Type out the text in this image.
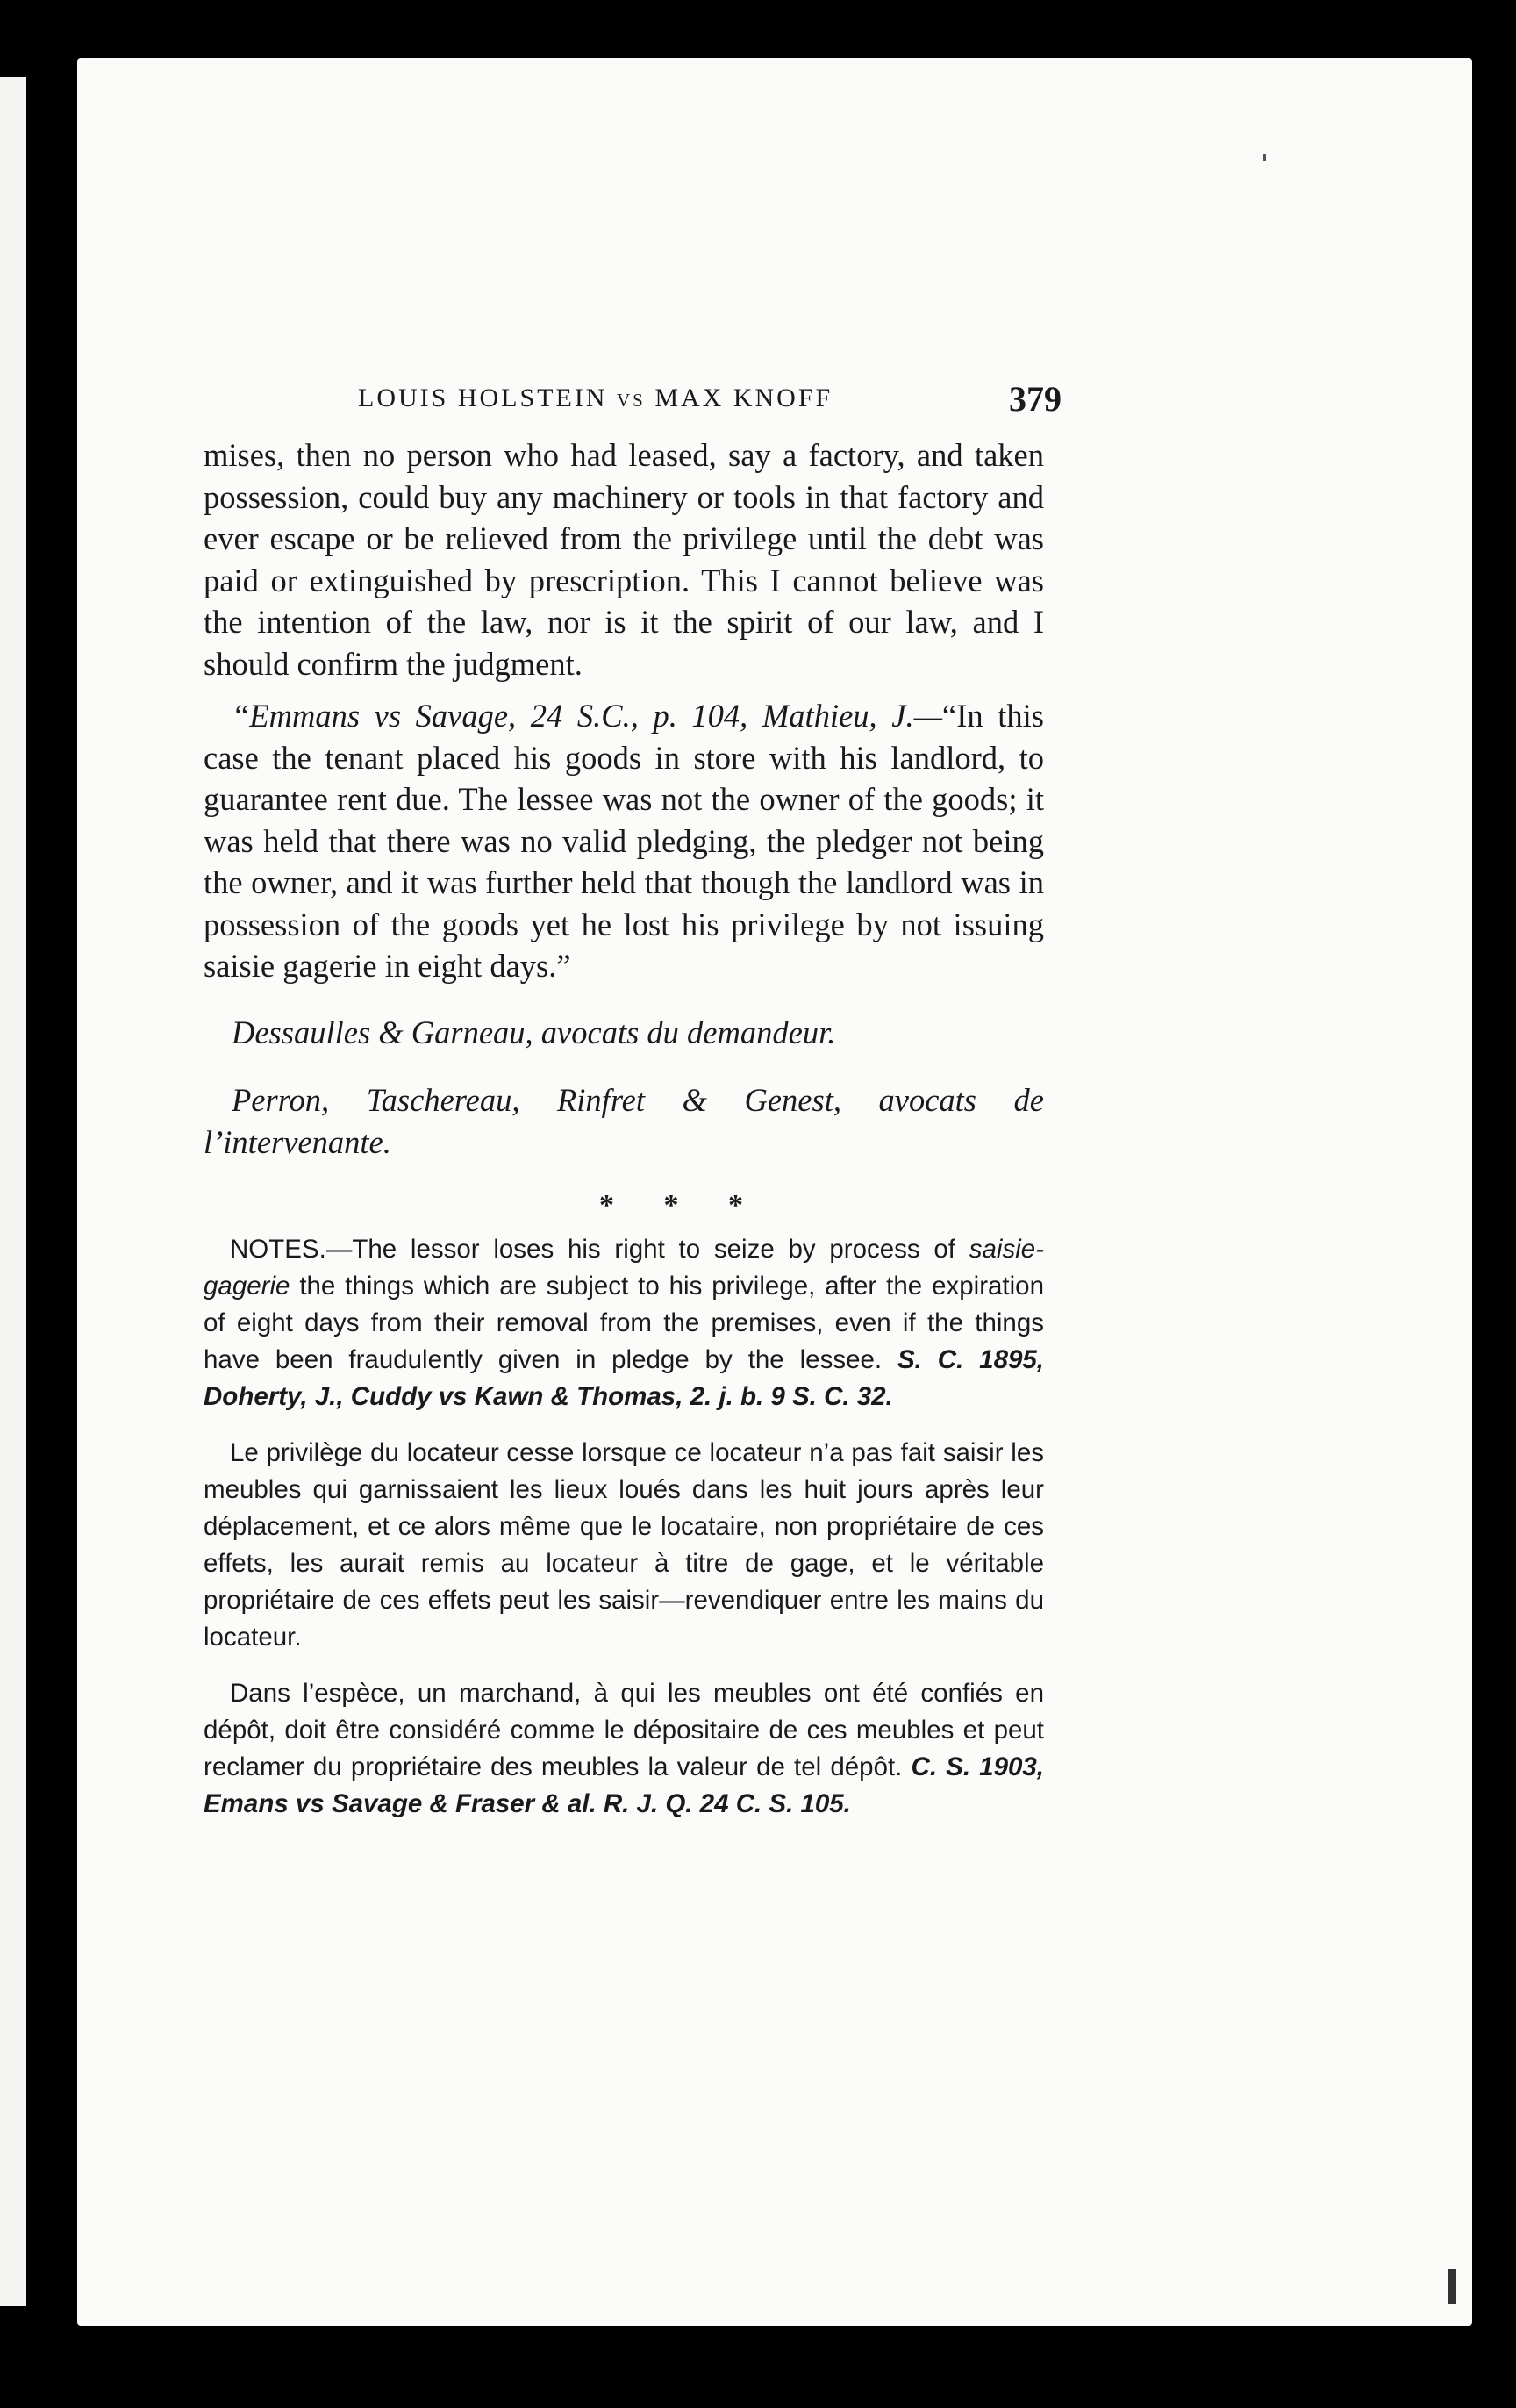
LOUIS HOLSTEIN vs MAX KNOFF	379

mises, then no person who had leased, say a factory, and taken possession, could buy any machinery or tools in that factory and ever escape or be relieved from the privilege until the debt was paid or extinguished by prescription. This I cannot believe was the intention of the law, nor is it the spirit of our law, and I should confirm the judgment.

“Emmans vs Savage, 24 S.C., p. 104, Mathieu, J.—“In this case the tenant placed his goods in store with his landlord, to guarantee rent due. The lessee was not the owner of the goods; it was held that there was no valid pledging, the pledger not being the owner, and it was further held that though the landlord was in possession of the goods yet he lost his privilege by not issuing saisie gagerie in eight days.”

Dessaulles & Garneau, avocats du demandeur.

Perron, Taschereau, Rinfret & Genest, avocats de l’intervenante.

* * *

NOTES.—The lessor loses his right to seize by process of saisie-gagerie the things which are subject to his privilege, after the expiration of eight days from their removal from the premises, even if the things have been fraudulently given in pledge by the lessee. S. C. 1895, Doherty, J., Cuddy vs Kawn & Thomas, 2. j. b. 9 S. C. 32.

Le privilège du locateur cesse lorsque ce locateur n’a pas fait saisir les meubles qui garnissaient les lieux loués dans les huit jours après leur déplacement, et ce alors même que le locataire, non propriétaire de ces effets, les aurait remis au locateur à titre de gage, et le véritable propriétaire de ces effets peut les saisir—revendiquer entre les mains du locateur.

Dans l’espèce, un marchand, à qui les meubles ont été confiés en dépôt, doit être considéré comme le dépositaire de ces meubles et peut reclamer du propriétaire des meubles la valeur de tel dépôt. C. S. 1903, Emans vs Savage & Fraser & al. R. J. Q. 24 C. S. 105.
